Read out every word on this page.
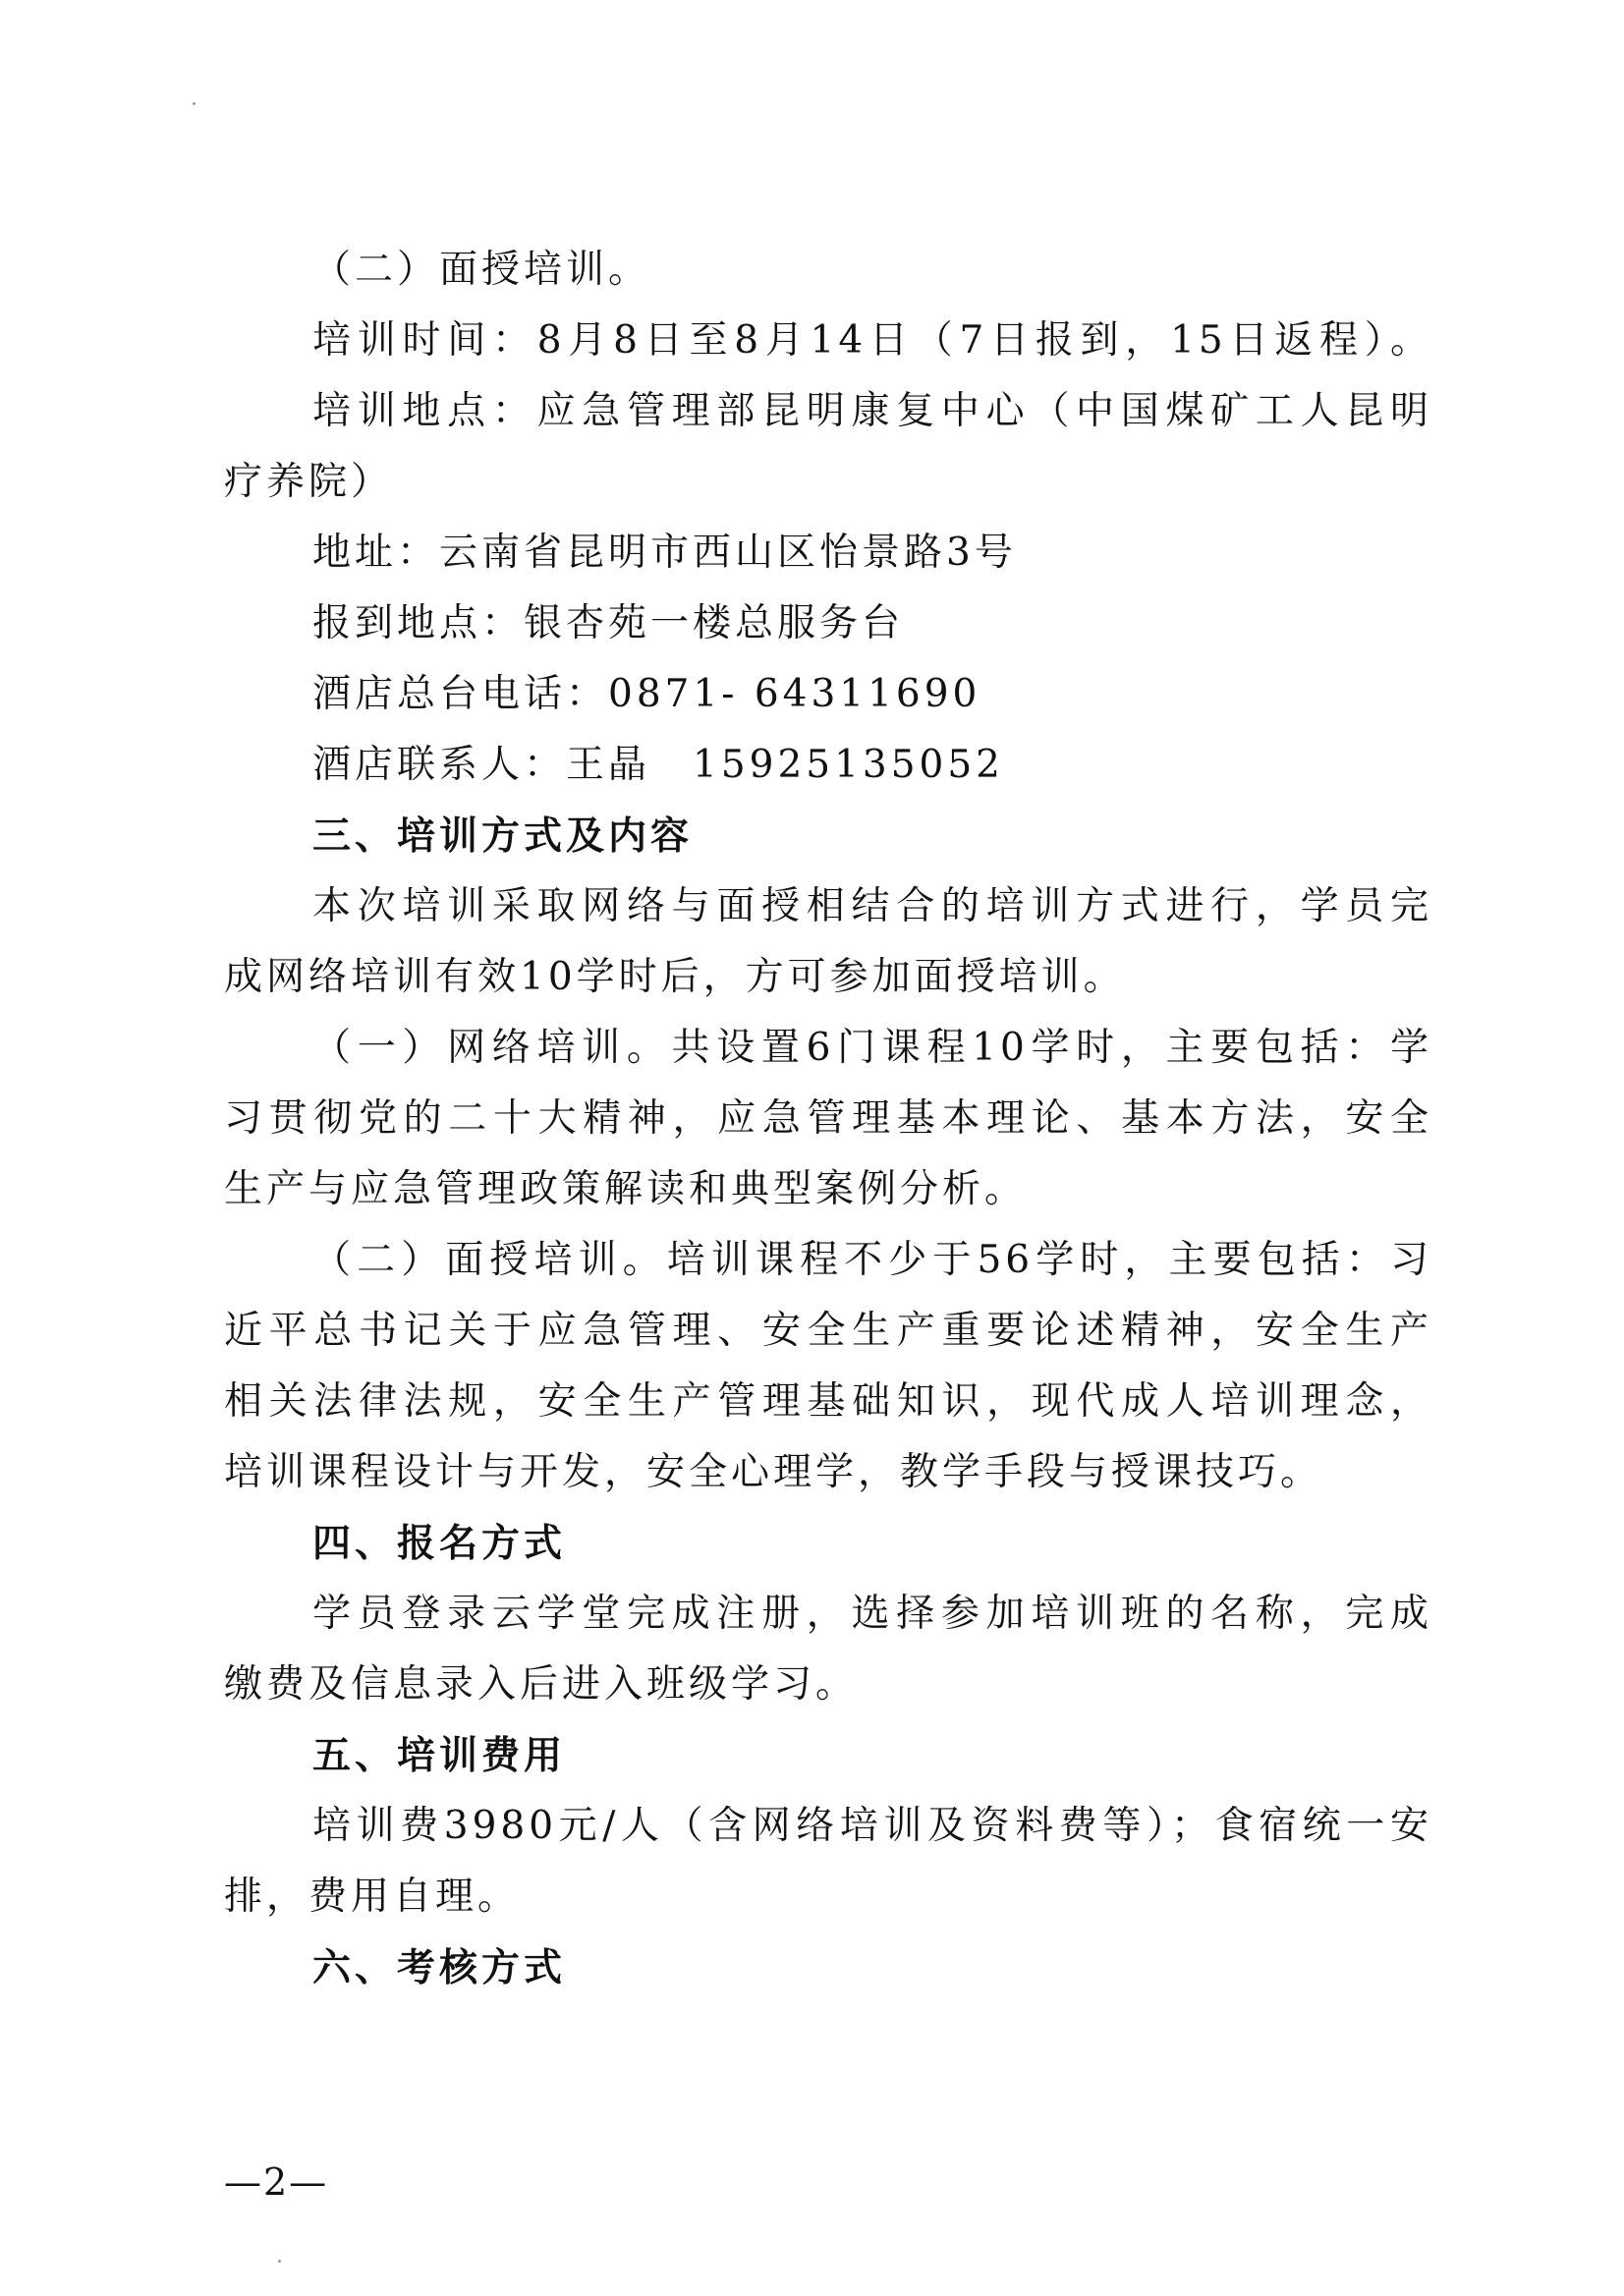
（二）面授培训。
培训时间：8月8日至8月14日（7日报到，15日返程）。
培训地点：应急管理部昆明康复中心（中国煤矿工人昆明
疗养院）
地址：云南省昆明市西山区怡景路3号
报到地点：银杏苑一楼总服务台
酒店总台电话：0871- 64311690
酒店联系人：王晶　15925135052
三、培训方式及内容
本次培训采取网络与面授相结合的培训方式进行，学员完
成网络培训有效10学时后，方可参加面授培训。
（一）网络培训。共设置6门课程10学时，主要包括：学
习贯彻党的二十大精神，应急管理基本理论、基本方法，安全
生产与应急管理政策解读和典型案例分析。
（二）面授培训。培训课程不少于56学时，主要包括：习
近平总书记关于应急管理、安全生产重要论述精神，安全生产
相关法律法规，安全生产管理基础知识，现代成人培训理念，
培训课程设计与开发，安全心理学，教学手段与授课技巧。
四、报名方式
学员登录云学堂完成注册，选择参加培训班的名称，完成
缴费及信息录入后进入班级学习。
五、培训费用
培训费3980元/人（含网络培训及资料费等）；食宿统一安
排，费用自理。
六、考核方式
—2—
